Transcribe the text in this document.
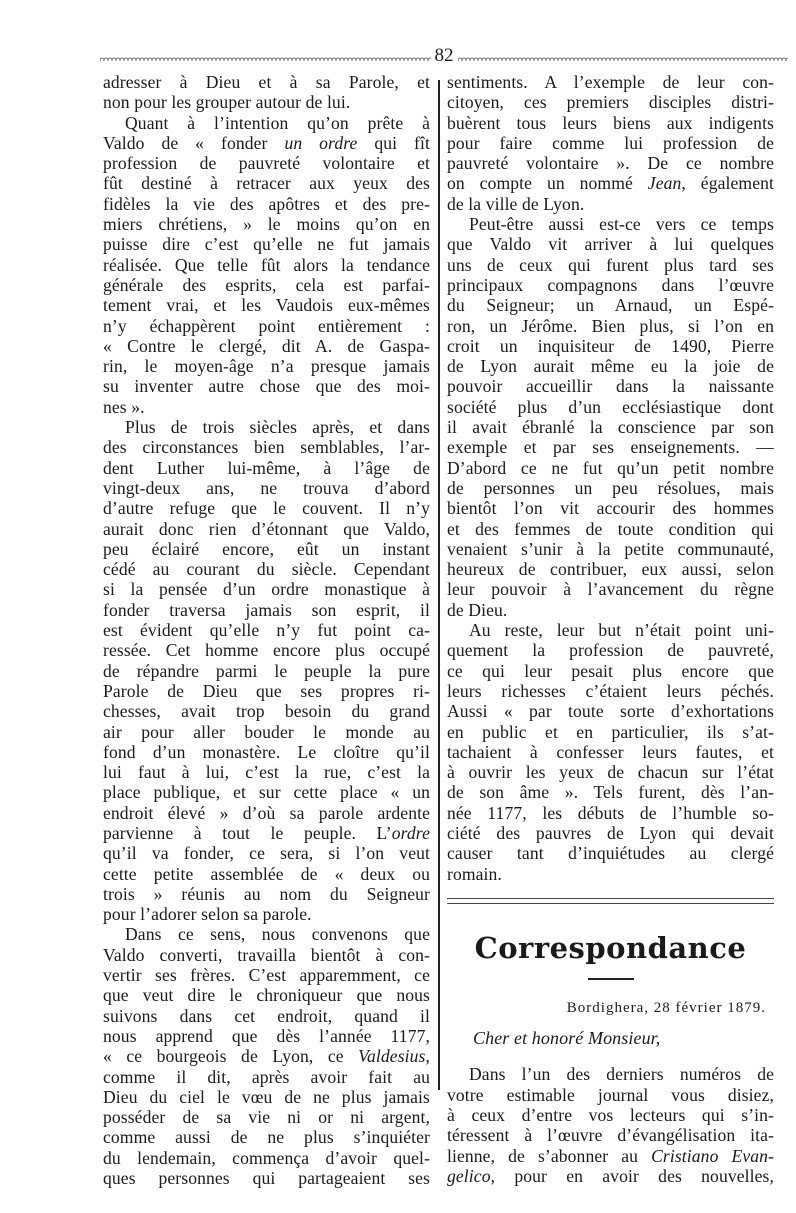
82
adresser à Dieu et à sa Parole, et
non pour les grouper autour de lui.
Quant à l’intention qu’on prête à
Valdo de « fonder un ordre qui fît
profession de pauvreté volontaire et
fût destiné à retracer aux yeux des
fidèles la vie des apôtres et des pre-
miers chrétiens, » le moins qu’on en
puisse dire c’est qu’elle ne fut jamais
réalisée. Que telle fût alors la tendance
générale des esprits, cela est parfai-
tement vrai, et les Vaudois eux-mêmes
n’y échappèrent point entièrement :
« Contre le clergé, dit A. de Gaspa-
rin, le moyen-âge n’a presque jamais
su inventer autre chose que des moi-
nes ».
Plus de trois siècles après, et dans
des circonstances bien semblables, l’ar-
dent Luther lui-même, à l’âge de
vingt-deux ans, ne trouva d’abord
d’autre refuge que le couvent. Il n’y
aurait donc rien d’étonnant que Valdo,
peu éclairé encore, eût un instant
cédé au courant du siècle. Cependant
si la pensée d’un ordre monastique à
fonder traversa jamais son esprit, il
est évident qu’elle n’y fut point ca-
ressée. Cet homme encore plus occupé
de répandre parmi le peuple la pure
Parole de Dieu que ses propres ri-
chesses, avait trop besoin du grand
air pour aller bouder le monde au
fond d’un monastère. Le cloître qu’il
lui faut à lui, c’est la rue, c’est la
place publique, et sur cette place « un
endroit élevé » d’où sa parole ardente
parvienne à tout le peuple. L’ordre
qu’il va fonder, ce sera, si l’on veut
cette petite assemblée de « deux ou
trois » réunis au nom du Seigneur
pour l’adorer selon sa parole.
Dans ce sens, nous convenons que
Valdo converti, travailla bientôt à con-
vertir ses frères. C’est apparemment, ce
que veut dire le chroniqueur que nous
suivons dans cet endroit, quand il
nous apprend que dès l’année 1177,
« ce bourgeois de Lyon, ce Valdesius,
comme il dit, après avoir fait au
Dieu du ciel le vœu de ne plus jamais
posséder de sa vie ni or ni argent,
comme aussi de ne plus s’inquiéter
du lendemain, commença d’avoir quel-
ques personnes qui partageaient ses
sentiments. A l’exemple de leur con-
citoyen, ces premiers disciples distri-
buèrent tous leurs biens aux indigents
pour faire comme lui profession de
pauvreté volontaire ». De ce nombre
on compte un nommé Jean, également
de la ville de Lyon.
Peut-être aussi est-ce vers ce temps
que Valdo vit arriver à lui quelques
uns de ceux qui furent plus tard ses
principaux compagnons dans l’œuvre
du Seigneur; un Arnaud, un Espé-
ron, un Jérôme. Bien plus, si l’on en
croit un inquisiteur de 1490, Pierre
de Lyon aurait même eu la joie de
pouvoir accueillir dans la naissante
société plus d’un ecclésiastique dont
il avait ébranlé la conscience par son
exemple et par ses enseignements. —
D’abord ce ne fut qu’un petit nombre
de personnes un peu résolues, mais
bientôt l’on vit accourir des hommes
et des femmes de toute condition qui
venaient s’unir à la petite communauté,
heureux de contribuer, eux aussi, selon
leur pouvoir à l’avancement du règne
de Dieu.
Au reste, leur but n’était point uni-
quement la profession de pauvreté,
ce qui leur pesait plus encore que
leurs richesses c’étaient leurs péchés.
Aussi « par toute sorte d’exhortations
en public et en particulier, ils s’at-
tachaient à confesser leurs fautes, et
à ouvrir les yeux de chacun sur l’état
de son âme ». Tels furent, dès l’an-
née 1177, les débuts de l’humble so-
ciété des pauvres de Lyon qui devait
causer tant d’inquiétudes au clergé
romain.
Correspondance
Bordighera, 28 février 1879.
Cher et honoré Monsieur,
Dans l’un des derniers numéros de
votre estimable journal vous disiez,
à ceux d’entre vos lecteurs qui s’in-
téressent à l’œuvre d’évangélisation ita-
lienne, de s’abonner au Cristiano Evan-
gelico, pour en avoir des nouvelles,
